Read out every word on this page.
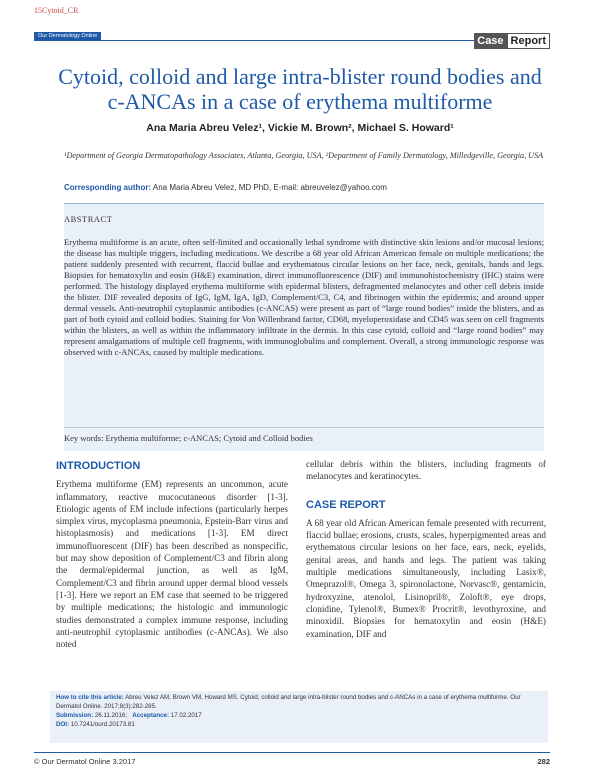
15Cytoid_CR
Our Dermatology Online	Case Report
Cytoid, colloid and large intra-blister round bodies and c-ANCAs in a case of erythema multiforme
Ana Maria Abreu Velez¹, Vickie M. Brown², Michael S. Howard¹
¹Department of Georgia Dermatopathology Associates, Atlanta, Georgia, USA, ²Department of Family Dermatology, Milledgeville, Georgia, USA
Corresponding author: Ana Maria Abreu Velez, MD PhD, E-mail: abreuvelez@yahoo.com
ABSTRACT

Erythema multiforme is an acute, often self-limited and occasionally lethal syndrome with distinctive skin lesions and/or mucosal lesions; the disease has multiple triggers, including medications. We describe a 68 year old African American female on multiple medications; the patient suddenly presented with recurrent, flaccid bullae and erythematous circular lesions on her face, neck, genitals, hands and legs. Biopsies for hematoxylin and eosin (H&E) examination, direct immunofluorescence (DIF) and immunohistochemistry (IHC) stains were performed. The histology displayed erythema multiforme with epidermal blisters, defragmented melanocytes and other cell debris inside the blister. DIF revealed deposits of IgG, IgM, IgA, IgD, Complement/C3, C4, and fibrinogen within the epidermis; and around upper dermal vessels. Anti-neutrophil cytoplasmic antibodies (c-ANCAS) were present as part of “large round bodies” inside the blisters, and as part of both cytoid and colloid bodies. Staining for Von Willenbrand factor, CD68, myeloperoxidase and CD45 was seen on cell fragments within the blisters, as well as within the inflammatory infiltrate in the dermis. In this case cytoid, colloid and “large round bodies” may represent amalgamations of multiple cell fragments, with immunoglobulins and complement. Overall, a strong immunologic response was observed with c-ANCAs, caused by multiple medications.

Key words: Erythema multiforme; c-ANCAS; Cytoid and Colloid bodies
INTRODUCTION

Erythema multiforme (EM) represents an uncommon, acute inflammatory, reactive mucocutaneous disorder [1-3]. Etiologic agents of EM include infections (particularly herpes simplex virus, mycoplasma pneumonia, Epstein-Barr virus and histoplasmosis) and medications [1-3]. EM direct immunofluorescent (DIF) has been described as nonspecific, but may show deposition of Complement/C3 and fibrin along the dermal/epidermal junction, as well as IgM, Complement/C3 and fibrin around upper dermal blood vessels [1-3]. Here we report an EM case that seemed to be triggered by multiple medications; the histologic and immunologic studies demonstrated a complex immune response, including anti-neutrophil cytoplasmic antibodies (c-ANCAs). We also noted

cellular debris within the blisters, including fragments of melanocytes and keratinocytes.

CASE REPORT

A 68 year old African American female presented with recurrent, flaccid bullae; erosions, crusts, scales, hyperpigmented areas and erythematous circular lesions on her face, ears, neck, eyelids, genital areas, and hands and legs. The patient was taking multiple medications simultaneously, including Lasix®, Omeprazol®, Omega 3, spironolactone, Norvasc®, gentamicin, hydroxyzine, atenolol, Lisinopril®, Zoloft®, eye drops, clonidine, Tylenol®, Bumex® Procrit®, levothyroxine, and minoxidil. Biopsies for hematoxylin and eosin (H&E) examination, DIF and

How to cite this article: Abreu Velez AM, Brown VM, Howard MS. Cytoid, colloid and large intra-blister round bodies and c-ANCAs in a case of erythema multiforme. Our Dermatol Online. 2017;8(3):282-285.
Submission: 26.11.2016; Acceptance: 17.02.2017
DOI: 10.7241/ourd.20173.81
© Our Dermatol Online 3.2017	282
